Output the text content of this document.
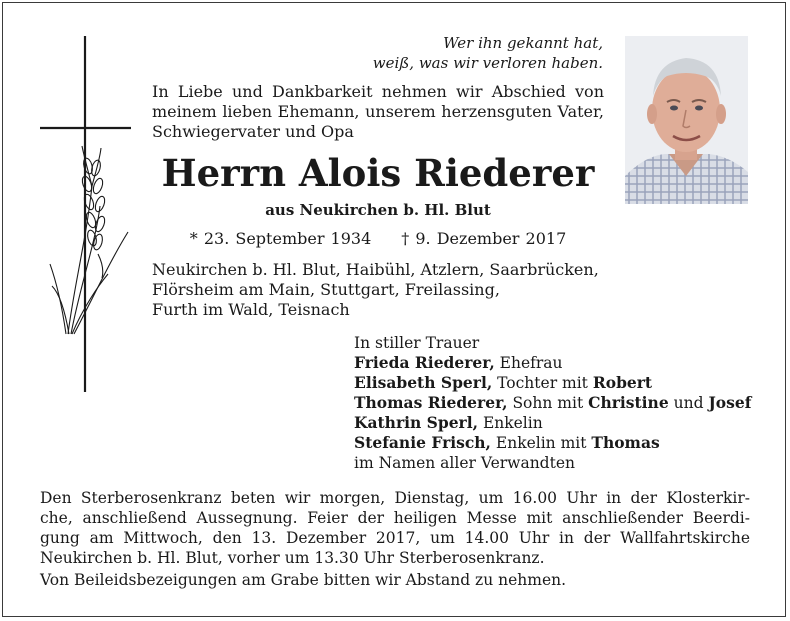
Wer ihn gekannt hat,
weiß, was wir verloren haben.

In Liebe und Dankbarkeit nehmen wir Abschied von meinem lieben Ehemann, unserem herzensguten Vater, Schwiegervater und Opa

Herrn Alois Riederer
aus Neukirchen b. Hl. Blut
* 23. September 1934 † 9. Dezember 2017
Neukirchen b. Hl. Blut, Haibühl, Atzlern, Saarbrücken,
Flörsheim am Main, Stuttgart, Freilassing,
Furth im Wald, Teisnach
In stiller Trauer
Frieda Riederer, Ehefrau
Elisabeth Sperl, Tochter mit Robert
Thomas Riederer, Sohn mit Christine und Josef
Kathrin Sperl, Enkelin
Stefanie Frisch, Enkelin mit Thomas
im Namen aller Verwandten
Den Sterberosenkranz beten wir morgen, Dienstag, um 16.00 Uhr in der Klosterkir-
che, anschließend Aussegnung. Feier der heiligen Messe mit anschließender Beerdi-
gung am Mittwoch, den 13. Dezember 2017, um 14.00 Uhr in der Wallfahrtskirche
Neukirchen b. Hl. Blut, vorher um 13.30 Uhr Sterberosenkranz.
Von Beileidsbezeigungen am Grabe bitten wir Abstand zu nehmen.
